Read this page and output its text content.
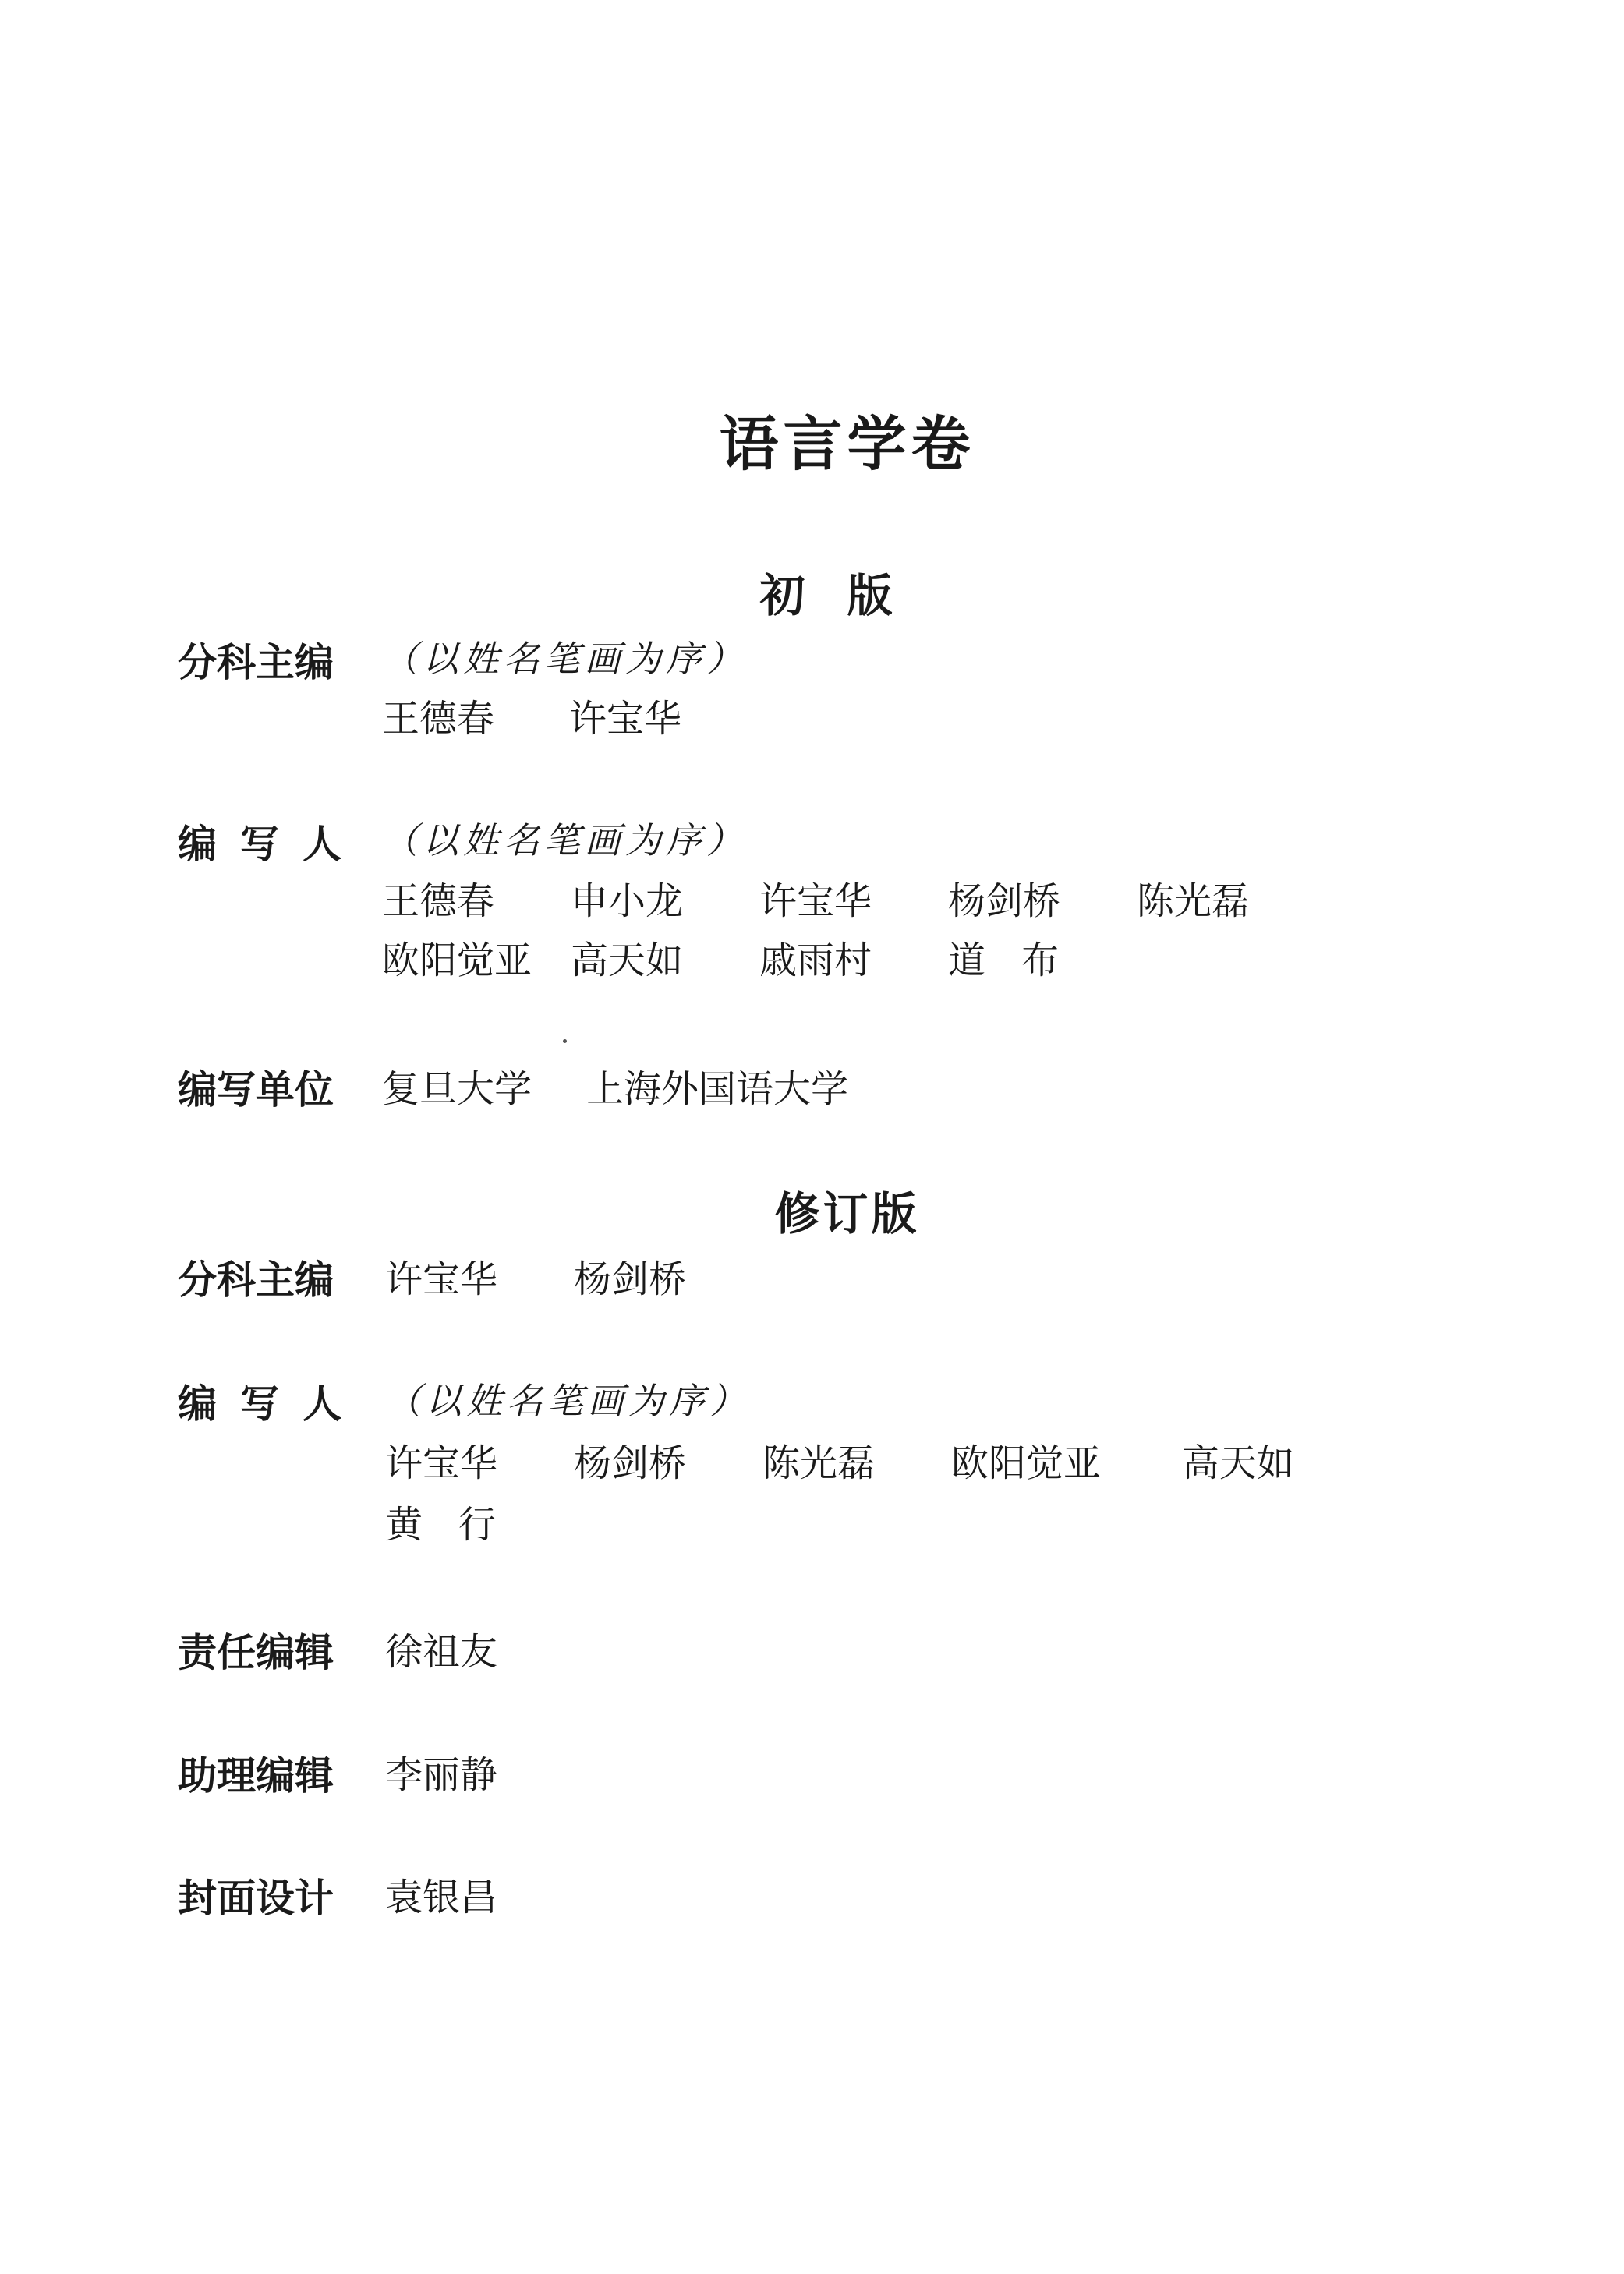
语言学卷
初版
分科主编	（以姓名笔画为序）
王德春 许宝华
编写人 （以姓名笔画为序）
王德春 申小龙 许宝华 杨剑桥 陈光磊
欧阳觉亚 高天如 戚雨村 道布
编写单位	复旦大学 上海外国语大学
修订版
分科主编	许宝华 杨剑桥
编写人 （以姓名笔画为序）
许宝华 杨剑桥 陈光磊 欧阳觉亚 高天如
黄行
责任编辑	徐祖友
助理编辑	李丽静
封面设计	袁银昌
